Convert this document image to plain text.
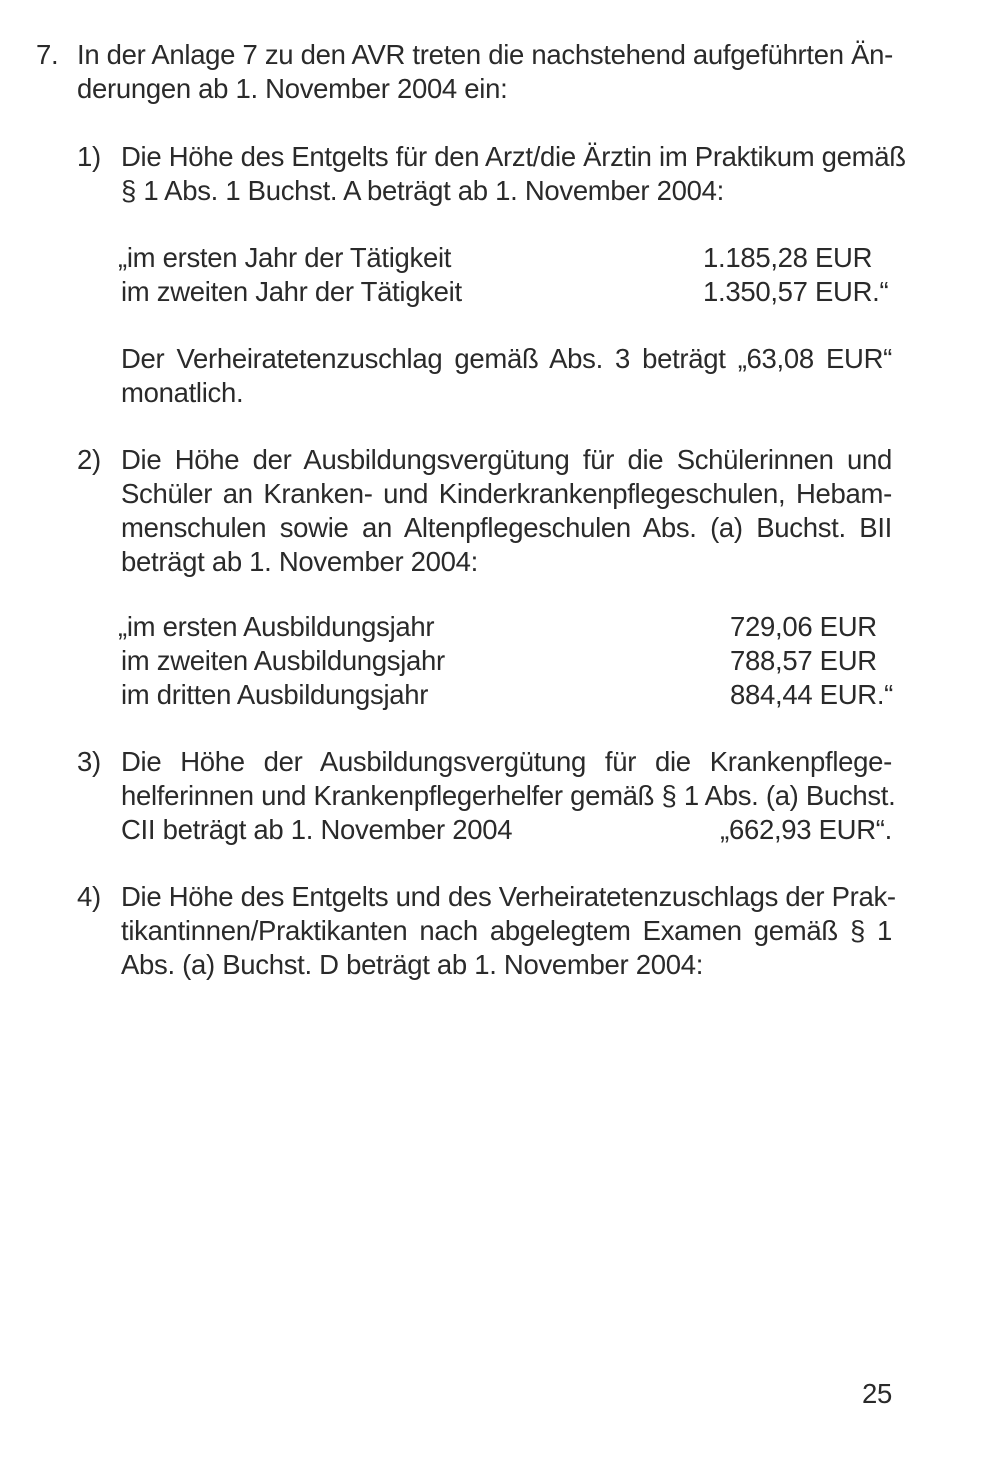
7. In der Anlage 7 zu den AVR treten die nachstehend aufgeführten Än-
derungen ab 1. November 2004 ein:
1) Die Höhe des Entgelts für den Arzt/die Ärztin im Praktikum gemäß
§ 1 Abs. 1 Buchst. A beträgt ab 1. November 2004:
„im ersten Jahr der Tätigkeit	1.185,28 EUR
im zweiten Jahr der Tätigkeit	1.350,57 EUR.“
Der Verheiratetenzuschlag gemäß Abs. 3 beträgt „63,08 EUR“
monatlich.
2) Die Höhe der Ausbildungsvergütung für die Schülerinnen und
Schüler an Kranken- und Kinderkrankenpflegeschulen, Hebam-
menschulen sowie an Altenpflegeschulen Abs. (a) Buchst. BII
beträgt ab 1. November 2004:
„im ersten Ausbildungsjahr	729,06 EUR
im zweiten Ausbildungsjahr	788,57 EUR
im dritten Ausbildungsjahr	884,44 EUR.“
3) Die Höhe der Ausbildungsvergütung für die Krankenpflege-
helferinnen und Krankenpflegerhelfer gemäß § 1 Abs. (a) Buchst.
CII beträgt ab 1. November 2004	„662,93 EUR“.
4) Die Höhe des Entgelts und des Verheiratetenzuschlags der Prak-
tikantinnen/Praktikanten nach abgelegtem Examen gemäß § 1
Abs. (a) Buchst. D beträgt ab 1. November 2004:
25
